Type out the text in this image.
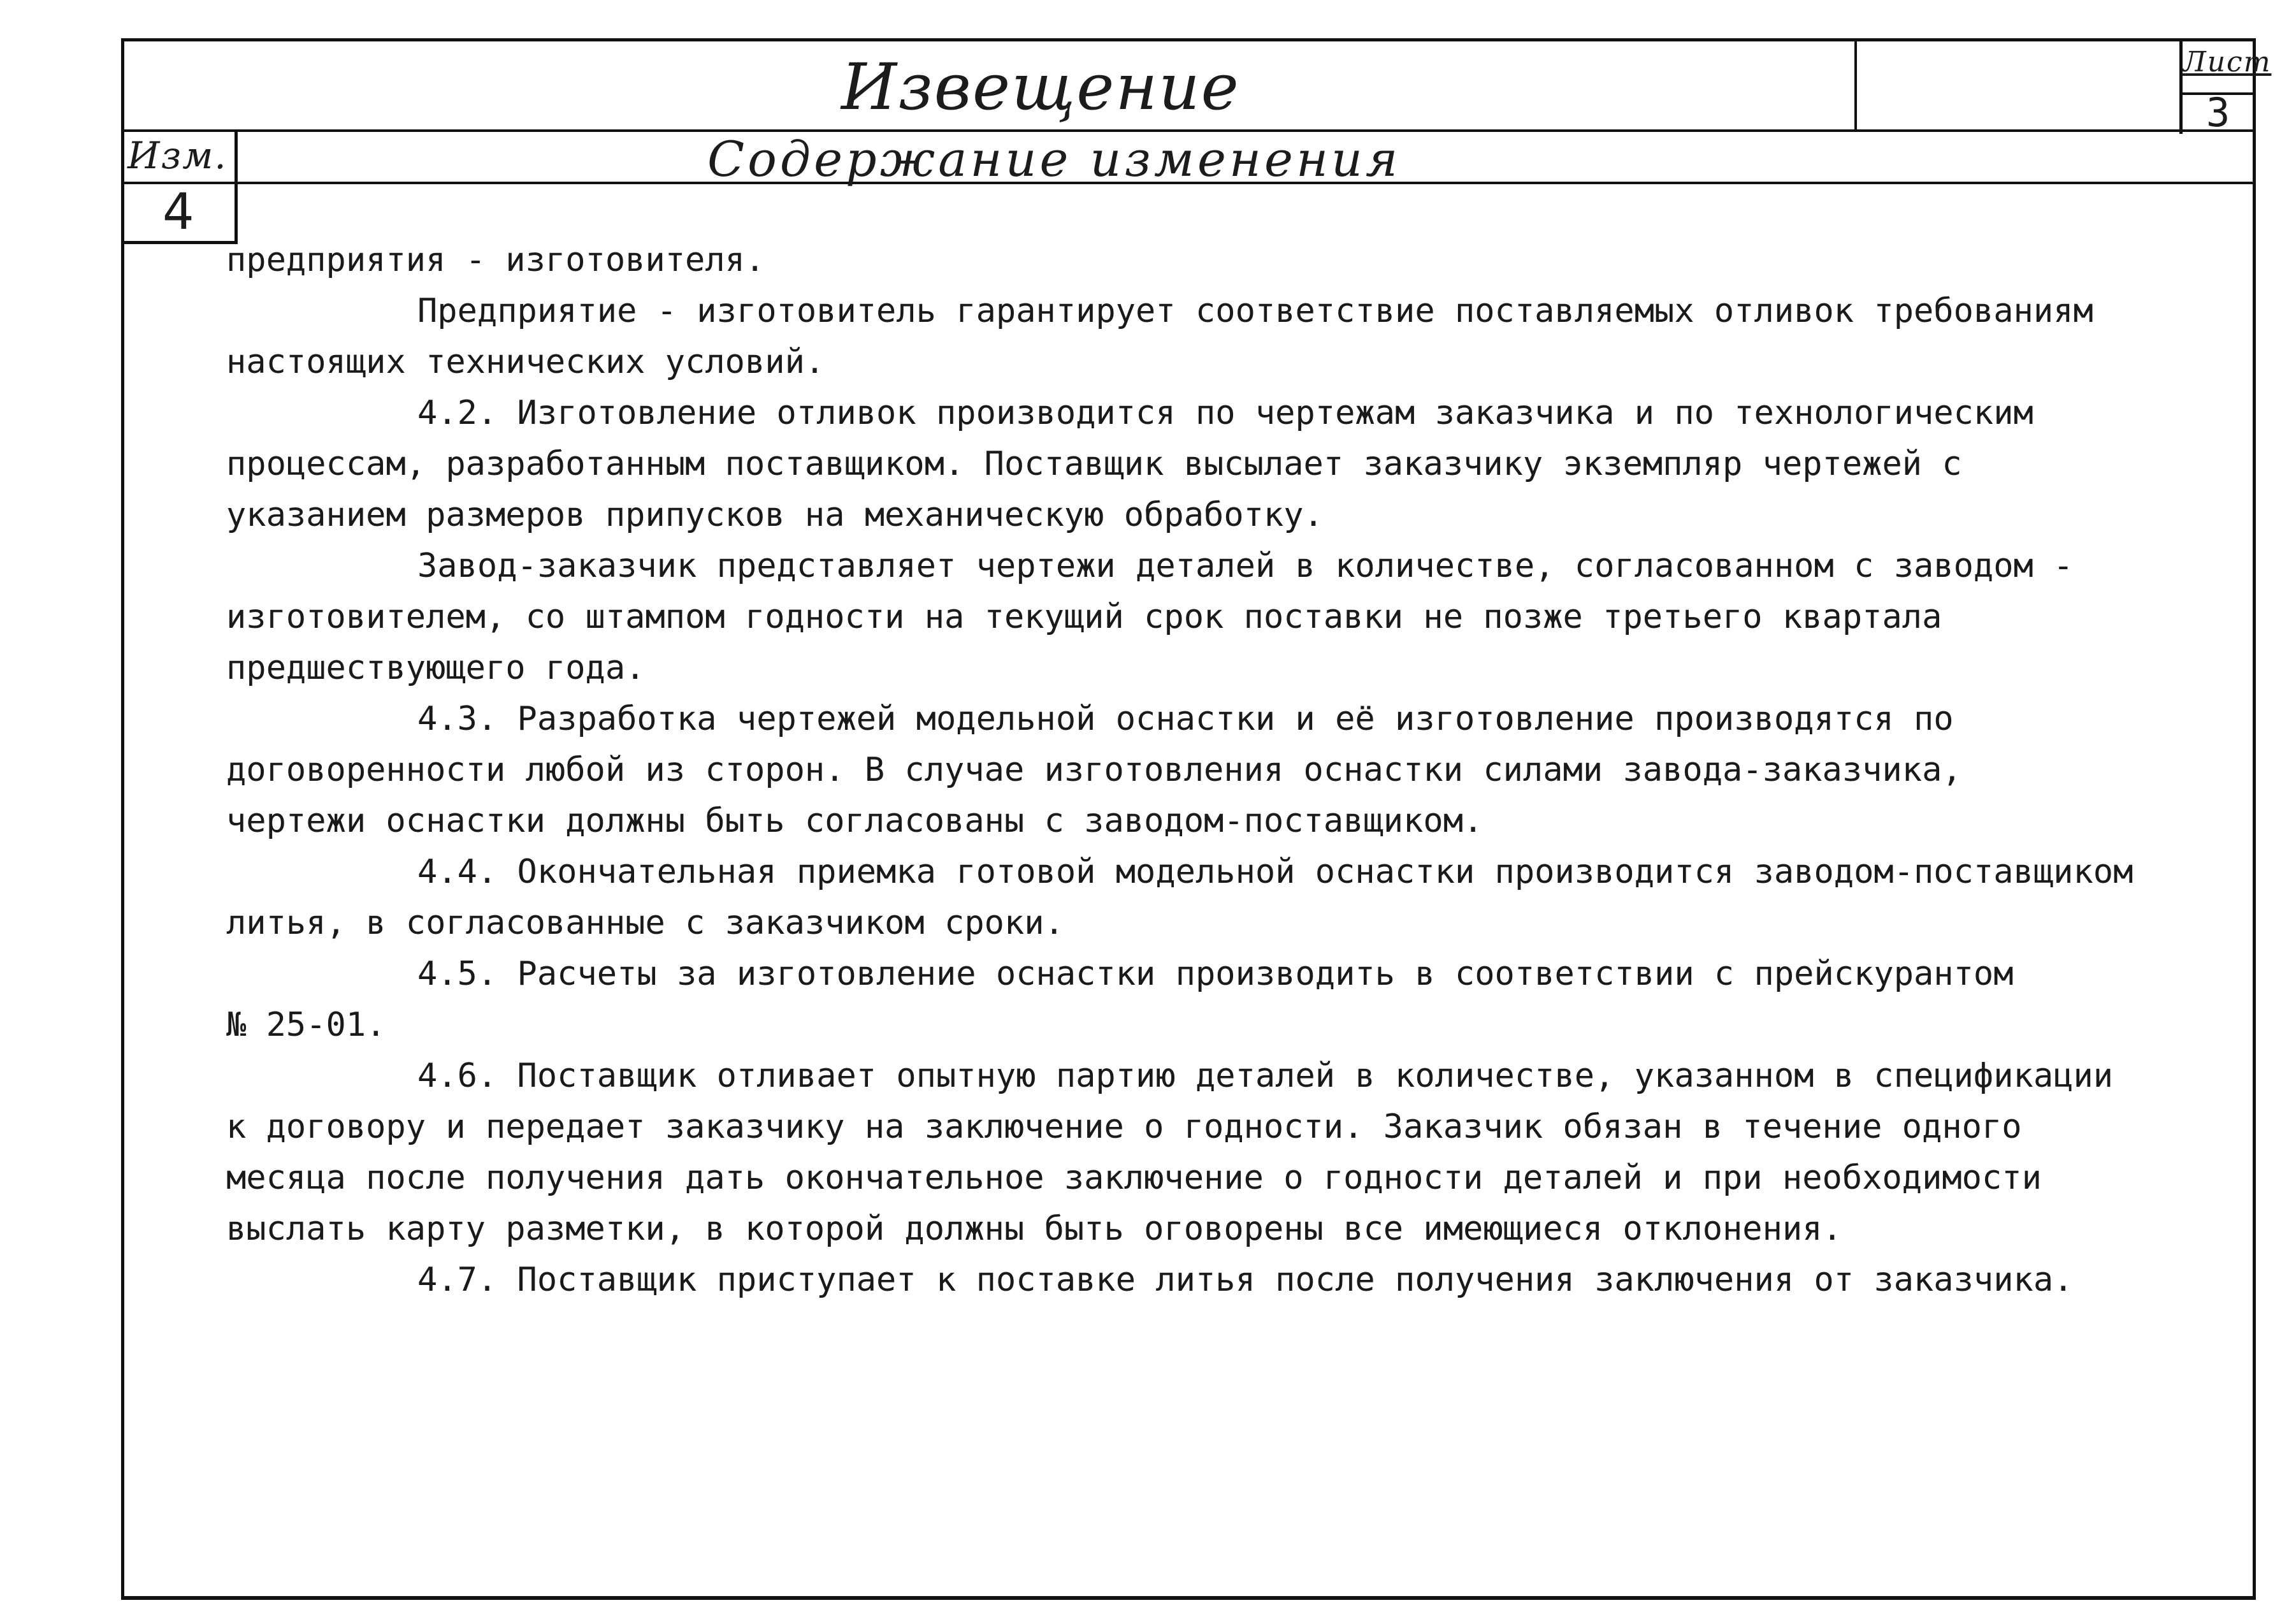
Извещение	Лист
3
Изм.
4
Содержание изменения
предприятия - изготовителя.
Предприятие - изготовитель гарантирует соответствие поставляемых отливок требованиям
настоящих технических условий.
4.2. Изготовление отливок производится по чертежам заказчика и по технологическим
процессам, разработанным поставщиком. Поставщик высылает заказчику экземпляр чертежей с
указанием размеров припусков на механическую обработку.
Завод-заказчик представляет чертежи деталей в количестве, согласованном с заводом -
изготовителем, со штампом годности на текущий срок поставки не позже третьего квартала
предшествующего года.
4.3. Разработка чертежей модельной оснастки и её изготовление производятся по
договоренности любой из сторон. В случае изготовления оснастки силами завода-заказчика,
чертежи оснастки должны быть согласованы с заводом-поставщиком.
4.4. Окончательная приемка готовой модельной оснастки производится заводом-поставщиком
литья, в согласованные с заказчиком сроки.
4.5. Расчеты за изготовление оснастки производить в соответствии с прейскурантом
№ 25-01.
4.6. Поставщик отливает опытную партию деталей в количестве, указанном в спецификации
к договору и передает заказчику на заключение о годности. Заказчик обязан в течение одного
месяца после получения дать окончательное заключение о годности деталей и при необходимости
выслать карту разметки, в которой должны быть оговорены все имеющиеся отклонения.
4.7. Поставщик приступает к поставке литья после получения заключения от заказчика.
